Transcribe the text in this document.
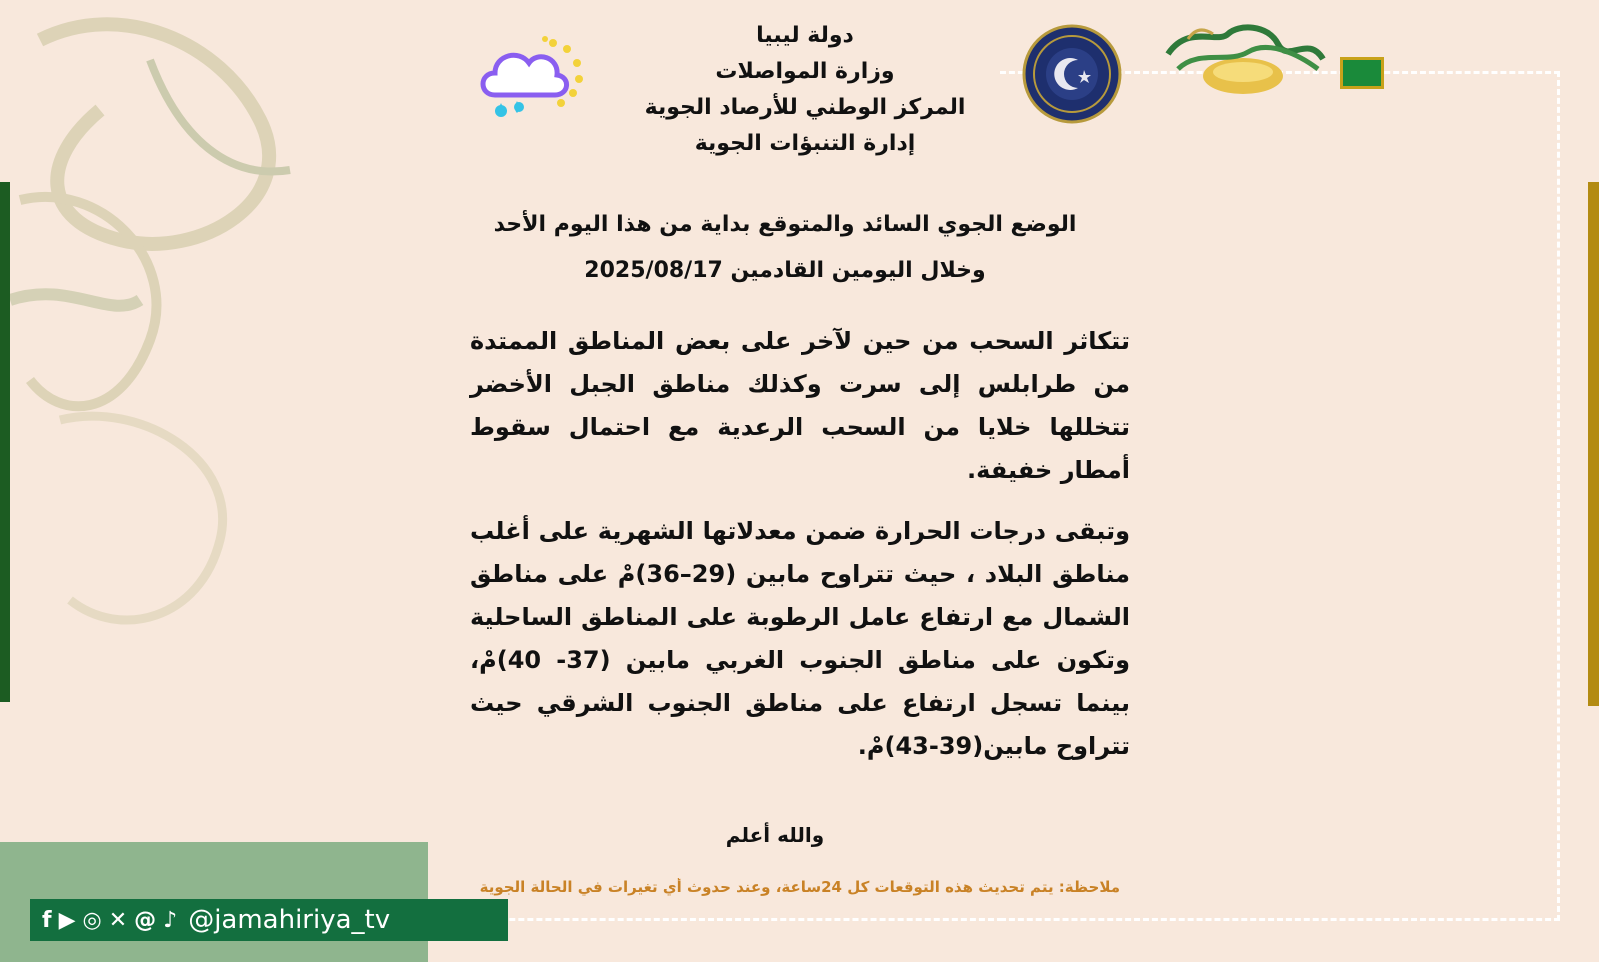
دولة ليبيا
وزارة المواصلات
المركز الوطني للأرصاد الجوية
إدارة التنبؤات الجوية
الوضع الجوي السائد والمتوقع بداية من هذا اليوم الأحد
2025/08/17 وخلال اليومين القادمين

تتكاثر السحب من حين لآخر على بعض المناطق الممتدة من طرابلس إلى سرت وكذلك مناطق الجبل الأخضر تتخللها خلايا من السحب الرعدية مع احتمال سقوط أمطار خفيفة.

وتبقى درجات الحرارة ضمن معدلاتها الشهرية على أغلب مناطق البلاد ، حيث تتراوح مابين (29–36)مْ على مناطق الشمال مع ارتفاع عامل الرطوبة على المناطق الساحلية وتكون على مناطق الجنوب الغربي مابين (37- 40)مْ، بينما تسجل ارتفاع على مناطق الجنوب الشرقي حيث تتراوح مابين(39-43)مْ.

والله أعلم
ملاحظة: يتم تحديث هذه التوقعات كل 24ساعة، وعند حدوث أي تغيرات في الحالة الجوية
f ▶ ◎ ✕ @ ♪ @jamahiriya_tv
